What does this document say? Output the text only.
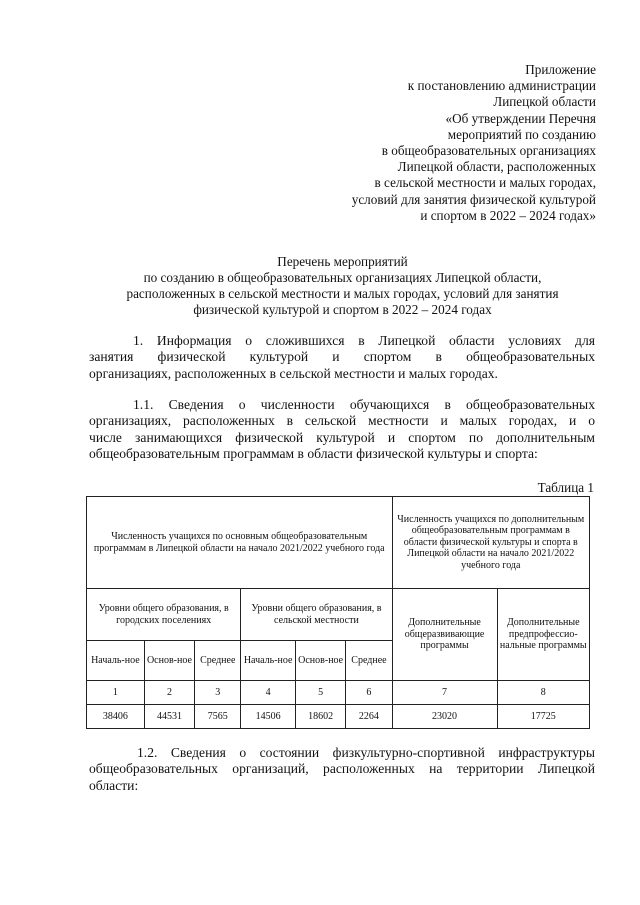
Приложение
к постановлению администрации
Липецкой области
«Об утверждении Перечня
мероприятий по созданию
в общеобразовательных организациях
Липецкой области, расположенных
в сельской местности и малых городах,
условий для занятия физической культурой
и спортом в 2022 – 2024 годах»
Перечень мероприятий
по созданию в общеобразовательных организациях Липецкой области,
расположенных в сельской местности и малых городах, условий для занятия
физической культурой и спортом в 2022 – 2024 годах
1. Информация о сложившихся в Липецкой области условиях для
занятия физической культурой и спортом в общеобразовательных
организациях, расположенных в сельской местности и малых городах.
1.1. Сведения о численности обучающихся в общеобразовательных
организациях, расположенных в сельской местности и малых городах, и о
числе занимающихся физической культурой и спортом по дополнительным
общеобразовательным программам в области физической культуры и спорта:
Таблица 1
Численность учащихся по основным общеобразовательным программам в Липецкой области на начало 2021/2022 учебного года						Численность учащихся по дополнительным общеобразовательным программам в области физической культуры и спорта в Липецкой области на начало 2021/2022 учебного года	
Уровни общего образования, в городских поселениях			Уровни общего образования, в сельской местности			Дополнительные общеразвивающие программы	Дополнительные предпрофессио-нальные программы
Началь-ное	Основ-ное	Среднее	Началь-ное	Основ-ное	Среднее		
1	2	3	4	5	6	7	8
38406	44531	7565	14506	18602	2264	23020	17725
1.2. Сведения о состоянии физкультурно-спортивной инфраструктуры
общеобразовательных организаций, расположенных на территории Липецкой
области:
